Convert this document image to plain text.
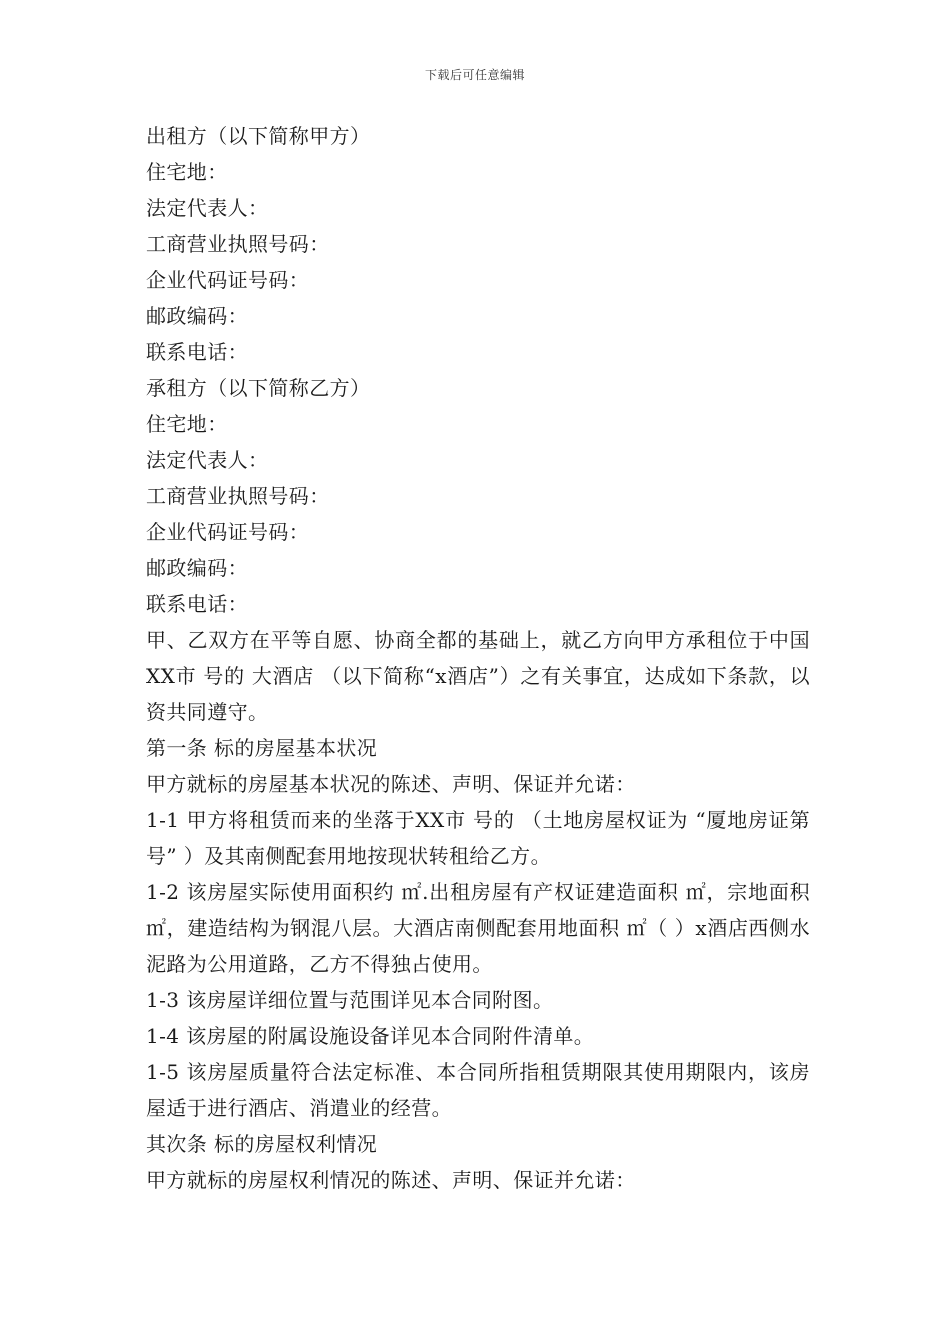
下载后可任意编辑
出租方（以下简称甲方）
住宅地：
法定代表人：
工商营业执照号码：
企业代码证号码：
邮政编码：
联系电话：
承租方（以下简称乙方）
住宅地：
法定代表人：
工商营业执照号码：
企业代码证号码：
邮政编码：
联系电话：
甲、乙双方在平等自愿、协商全都的基础上，就乙方向甲方承租位于中国XX市 号的 大酒店 （以下简称“x酒店”）之有关事宜，达成如下条款，以资共同遵守。
第一条 标的房屋基本状况
甲方就标的房屋基本状况的陈述、声明、保证并允诺：
1-1 甲方将租赁而来的坐落于XX市 号的 （土地房屋权证为 “厦地房证第 号” ）及其南侧配套用地按现状转租给乙方。
1-2 该房屋实际使用面积约 ㎡.出租房屋有产权证建造面积 ㎡，宗地面积 ㎡，建造结构为钢混八层。大酒店南侧配套用地面积 ㎡（ ）x酒店西侧水泥路为公用道路，乙方不得独占使用。
1-3 该房屋详细位置与范围详见本合同附图。
1-4 该房屋的附属设施设备详见本合同附件清单。
1-5 该房屋质量符合法定标准、本合同所指租赁期限其使用期限内，该房屋适于进行酒店、消遣业的经营。
其次条 标的房屋权利情况
甲方就标的房屋权利情况的陈述、声明、保证并允诺：
